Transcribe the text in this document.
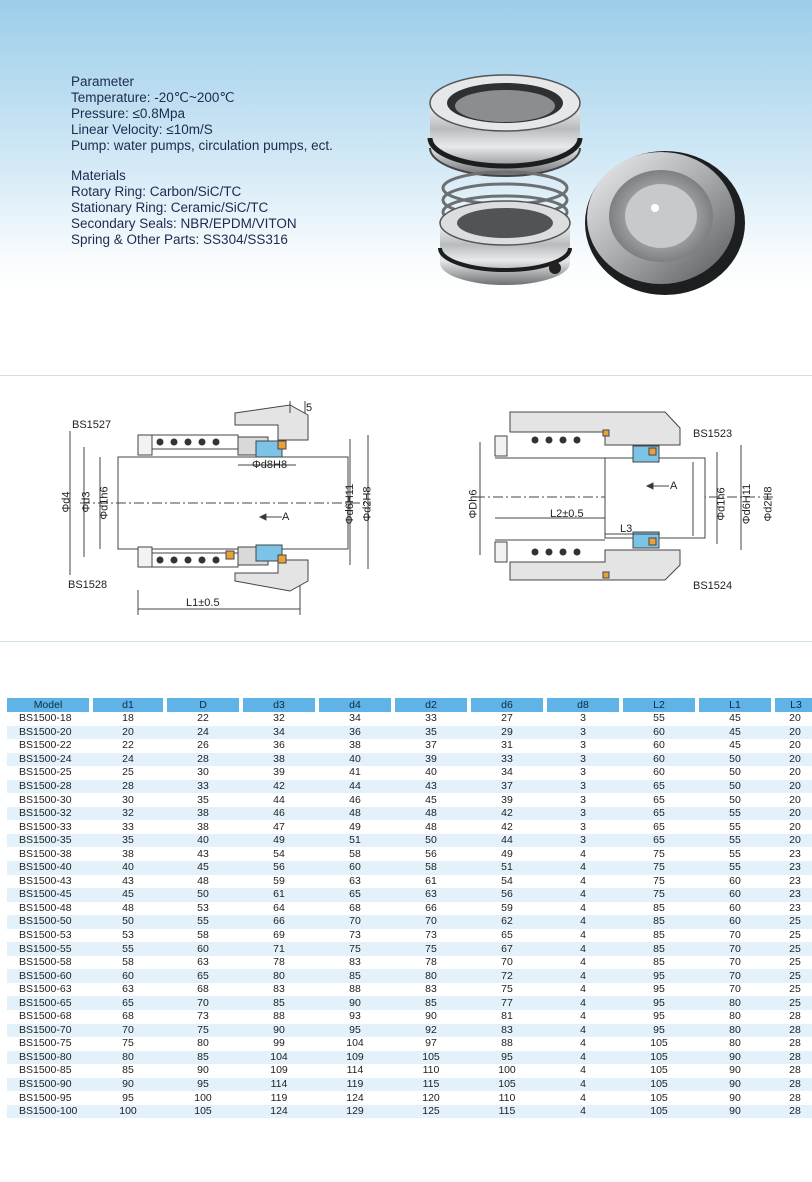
Parameter
Temperature: -20℃~200℃
Pressure: ≤0.8Mpa
Linear Velocity: ≤10m/S
Pump: water pumps, circulation pumps, ect.
Materials
Rotary Ring: Carbon/SiC/TC
Stationary Ring: Ceramic/SiC/TC
Secondary Seals: NBR/EPDM/VITON
Spring & Other Parts: SS304/SS316
BS1527
BS1528
Φd4 Φd3 Φd1h6
Φd8H8
A	Φd6H11 Φd2H8
L1±0.5
5
BS1523
BS1524
ΦDh6	L2±0.5
L3
A
Φd1h6 Φd6H11 Φd2H8
Model	d1	D	d3	d4	d2	d6	d8	L2	L1	L3
BS1500-18	18	22	32	34	33	27	3	55	45	20
BS1500-20	20	24	34	36	35	29	3	60	45	20
BS1500-22	22	26	36	38	37	31	3	60	45	20
BS1500-24	24	28	38	40	39	33	3	60	50	20
BS1500-25	25	30	39	41	40	34	3	60	50	20
BS1500-28	28	33	42	44	43	37	3	65	50	20
BS1500-30	30	35	44	46	45	39	3	65	50	20
BS1500-32	32	38	46	48	48	42	3	65	55	20
BS1500-33	33	38	47	49	48	42	3	65	55	20
BS1500-35	35	40	49	51	50	44	3	65	55	20
BS1500-38	38	43	54	58	56	49	4	75	55	23
BS1500-40	40	45	56	60	58	51	4	75	55	23
BS1500-43	43	48	59	63	61	54	4	75	60	23
BS1500-45	45	50	61	65	63	56	4	75	60	23
BS1500-48	48	53	64	68	66	59	4	85	60	23
BS1500-50	50	55	66	70	70	62	4	85	60	25
BS1500-53	53	58	69	73	73	65	4	85	70	25
BS1500-55	55	60	71	75	75	67	4	85	70	25
BS1500-58	58	63	78	83	78	70	4	85	70	25
BS1500-60	60	65	80	85	80	72	4	95	70	25
BS1500-63	63	68	83	88	83	75	4	95	70	25
BS1500-65	65	70	85	90	85	77	4	95	80	25
BS1500-68	68	73	88	93	90	81	4	95	80	28
BS1500-70	70	75	90	95	92	83	4	95	80	28
BS1500-75	75	80	99	104	97	88	4	105	80	28
BS1500-80	80	85	104	109	105	95	4	105	90	28
BS1500-85	85	90	109	114	110	100	4	105	90	28
BS1500-90	90	95	114	119	115	105	4	105	90	28
BS1500-95	95	100	119	124	120	110	4	105	90	28
BS1500-100	100	105	124	129	125	115	4	105	90	28
